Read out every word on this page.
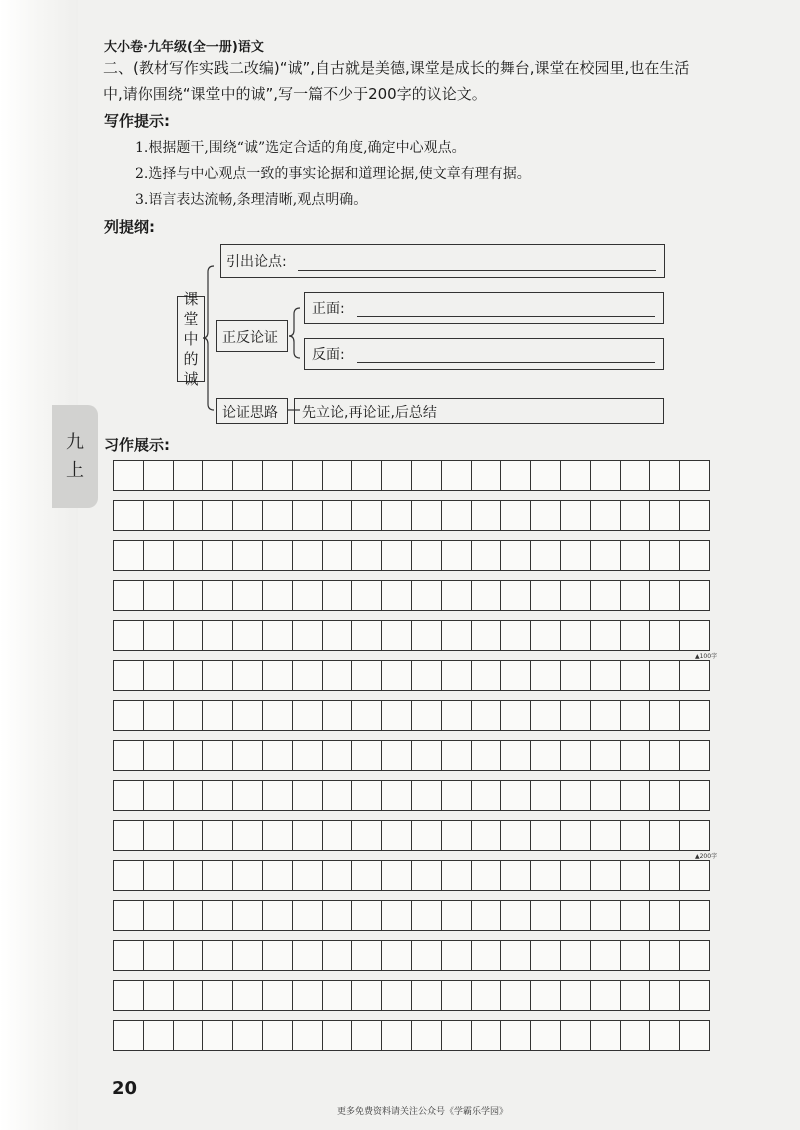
九
上
大小卷·九年级(全一册)语文
二、(教材写作实践二改编)“诚”,自古就是美德,课堂是成长的舞台,课堂在校园里,也在生活
中,请你围绕“课堂中的诚”,写一篇不少于200字的议论文。
写作提示:
1.根据题干,围绕“诚”选定合适的角度,确定中心观点。
2.选择与中心观点一致的事实论据和道理论据,使文章有理有据。
3.语言表达流畅,条理清晰,观点明确。
列提纲:
课
堂
中
的
诚
引出论点:
正反论证
正面:
反面:
论证思路 先立论,再论证,后总结
习作展示:
▲100字
▲200字
20
更多免费资料请关注公众号《学霸乐学园》
